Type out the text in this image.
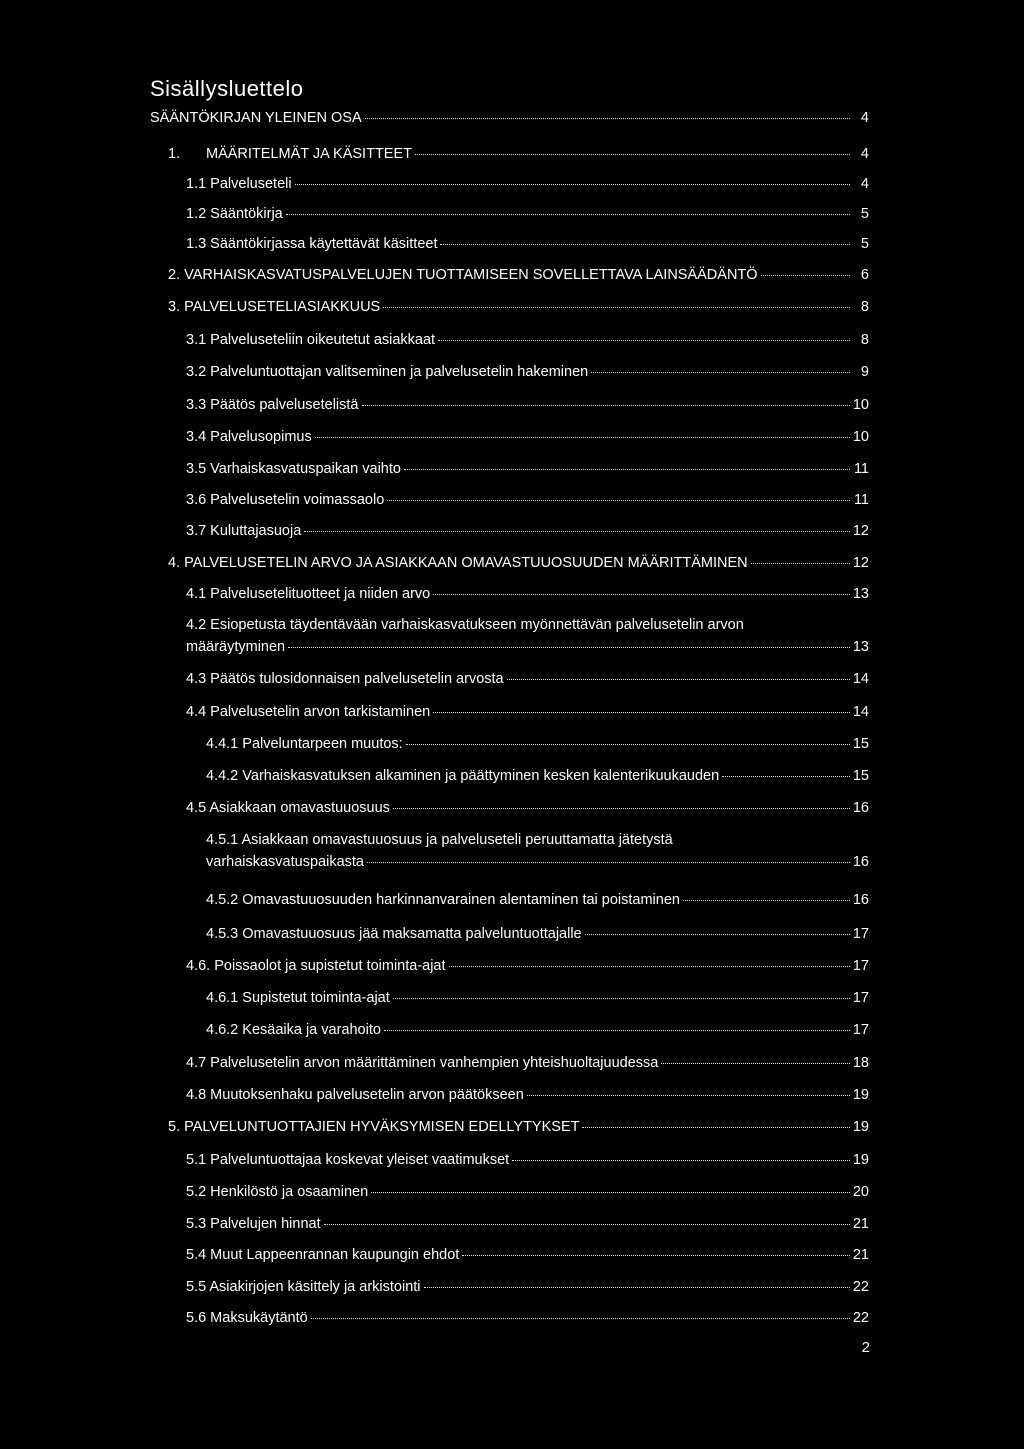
Sisällysluettelo
SÄÄNTÖKIRJAN YLEINEN OSA	4
1.	MÄÄRITELMÄT JA KÄSITTEET	4
1.1 Palveluseteli	4
1.2 Sääntökirja	5
1.3 Sääntökirjassa käytettävät käsitteet	5
2. VARHAISKASVATUSPALVELUJEN TUOTTAMISEEN SOVELLETTAVA LAINSÄÄDÄNTÖ	6
3. PALVELUSETELIASIAKKUUS	8
3.1 Palveluseteliin oikeutetut asiakkaat	8
3.2 Palveluntuottajan valitseminen ja palvelusetelin hakeminen	9
3.3 Päätös palvelusetelistä	10
3.4 Palvelusopimus	10
3.5 Varhaiskasvatuspaikan vaihto	11
3.6 Palvelusetelin voimassaolo	11
3.7 Kuluttajasuoja	12
4. PALVELUSETELIN ARVO JA ASIAKKAAN OMAVASTUUOSUUDEN MÄÄRITTÄMINEN	12
4.1 Palvelusetelituotteet ja niiden arvo	13
4.2 Esiopetusta täydentävään varhaiskasvatukseen myönnettävän palvelusetelin arvon
määräytyminen	13
4.3 Päätös tulosidonnaisen palvelusetelin arvosta	14
4.4 Palvelusetelin arvon tarkistaminen	14
4.4.1 Palveluntarpeen muutos:	15
4.4.2 Varhaiskasvatuksen alkaminen ja päättyminen kesken kalenterikuukauden	15
4.5 Asiakkaan omavastuuosuus	16
4.5.1 Asiakkaan omavastuuosuus ja palveluseteli peruuttamatta jätetystä
varhaiskasvatuspaikasta	16
4.5.2 Omavastuuosuuden harkinnanvarainen alentaminen tai poistaminen	16
4.5.3 Omavastuuosuus jää maksamatta palveluntuottajalle	17
4.6. Poissaolot ja supistetut toiminta-ajat	17
4.6.1 Supistetut toiminta-ajat	17
4.6.2 Kesäaika ja varahoito	17
4.7 Palvelusetelin arvon määrittäminen vanhempien yhteishuoltajuudessa	18
4.8 Muutoksenhaku palvelusetelin arvon päätökseen	19
5. PALVELUNTUOTTAJIEN HYVÄKSYMISEN EDELLYTYKSET	19
5.1 Palveluntuottajaa koskevat yleiset vaatimukset	19
5.2 Henkilöstö ja osaaminen	20
5.3 Palvelujen hinnat	21
5.4 Muut Lappeenrannan kaupungin ehdot	21
5.5 Asiakirjojen käsittely ja arkistointi	22
5.6 Maksukäytäntö	22
2
